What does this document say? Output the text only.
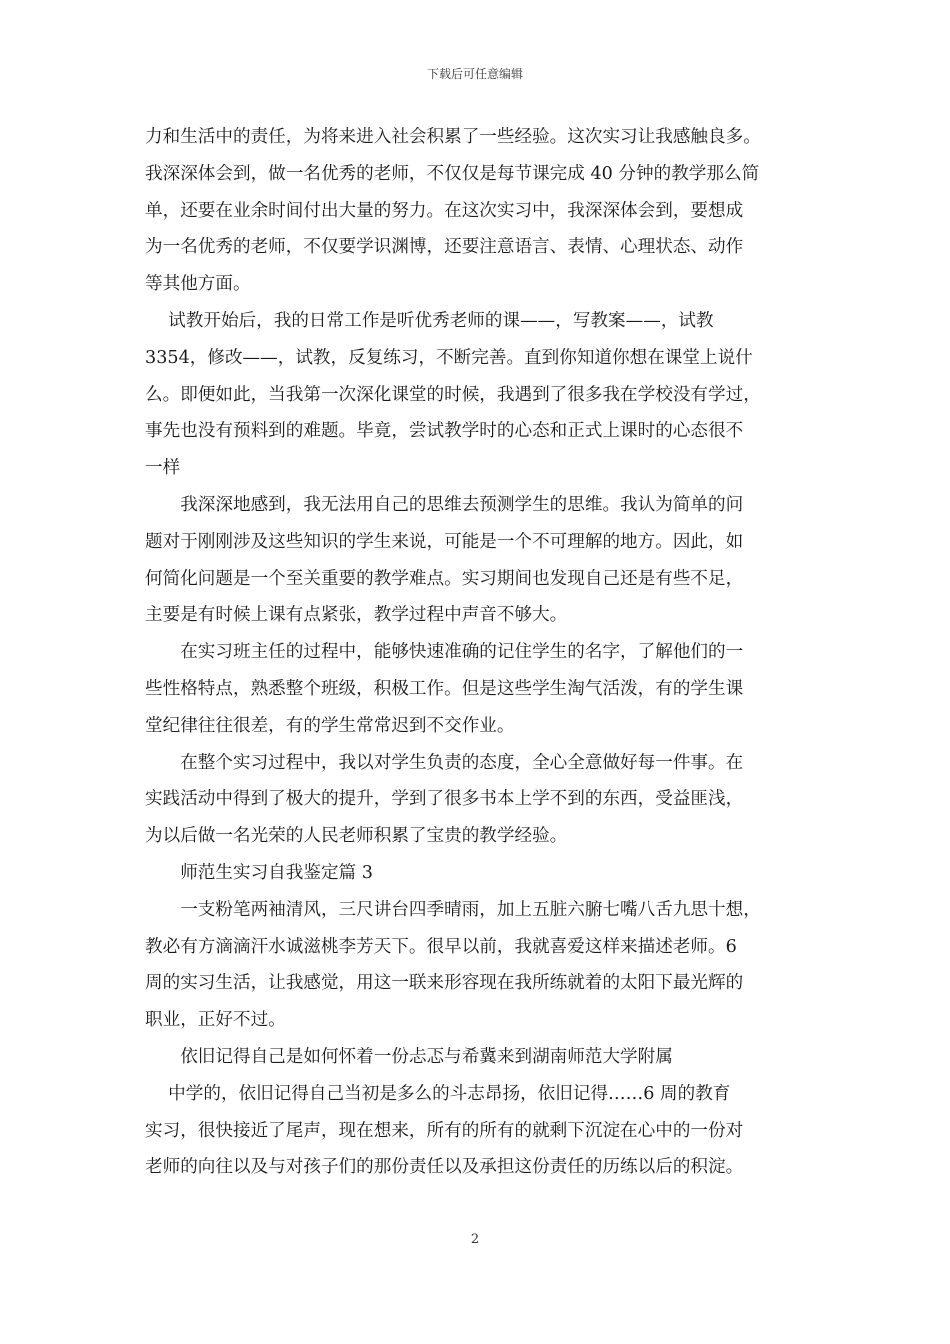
下载后可任意编辑

力和生活中的责任，为将来进入社会积累了一些经验。这次实习让我感触良多。
我深深体会到，做一名优秀的老师，不仅仅是每节课完成 40 分钟的教学那么简
单，还要在业余时间付出大量的努力。在这次实习中，我深深体会到，要想成
为一名优秀的老师，不仅要学识渊博，还要注意语言、表情、心理状态、动作
等其他方面。

　 试教开始后，我的日常工作是听优秀老师的课——，写教案——，试教
3354，修改——，试教，反复练习，不断完善。直到你知道你想在课堂上说什
么。即便如此，当我第一次深化课堂的时候，我遇到了很多我在学校没有学过，
事先也没有预料到的难题。毕竟，尝试教学时的心态和正式上课时的心态很不
一样

　　我深深地感到，我无法用自己的思维去预测学生的思维。我认为简单的问
题对于刚刚涉及这些知识的学生来说，可能是一个不可理解的地方。因此，如
何简化问题是一个至关重要的教学难点。实习期间也发现自己还是有些不足，
主要是有时候上课有点紧张，教学过程中声音不够大。

　　在实习班主任的过程中，能够快速准确的记住学生的名字，了解他们的一
些性格特点，熟悉整个班级，积极工作。但是这些学生淘气活泼，有的学生课
堂纪律往往很差，有的学生常常迟到不交作业。

　　在整个实习过程中，我以对学生负责的态度，全心全意做好每一件事。在
实践活动中得到了极大的提升，学到了很多书本上学不到的东西，受益匪浅，
为以后做一名光荣的人民老师积累了宝贵的教学经验。

　　师范生实习自我鉴定篇 3

　　一支粉笔两袖清风，三尺讲台四季晴雨，加上五脏六腑七嘴八舌九思十想，
教必有方滴滴汗水诚滋桃李芳天下。很早以前，我就喜爱这样来描述老师。6
周的实习生活，让我感觉，用这一联来形容现在我所练就着的太阳下最光辉的
职业，正好不过。

　　依旧记得自己是如何怀着一份忐忑与希冀来到湖南师范大学附属

　 中学的，依旧记得自己当初是多么的斗志昂扬，依旧记得……6 周的教育
实习，很快接近了尾声，现在想来，所有的所有的就剩下沉淀在心中的一份对
老师的向往以及与对孩子们的那份责任以及承担这份责任的历练以后的积淀。

2
